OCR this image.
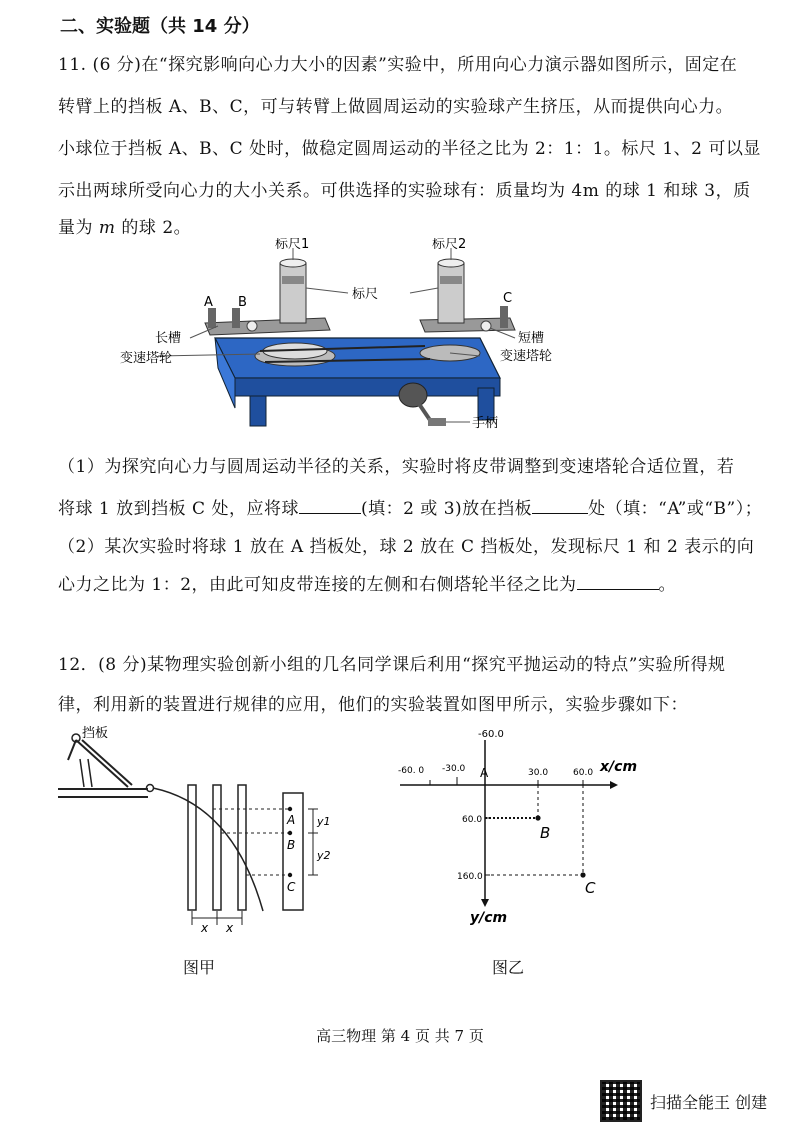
二、实验题（共 14 分）
11. (6 分)在“探究影响向心力大小的因素”实验中，所用向心力演示器如图所示，固定在
转臂上的挡板 A、B、C，可与转臂上做圆周运动的实验球产生挤压，从而提供向心力。
小球位于挡板 A、B、C 处时，做稳定圆周运动的半径之比为 2：1：1。标尺 1、2 可以显
示出两球所受向心力的大小关系。可供选择的实验球有：质量均为 4m 的球 1 和球 3，质
量为 m 的球 2。
标尺1	标尺2
标尺
A B	C
长槽
变速塔轮
短槽
变速塔轮
手柄
（1）为探究向心力与圆周运动半径的关系，实验时将皮带调整到变速塔轮合适位置，若
将球 1 放到挡板 C 处，应将球	(填：2 或 3)放在挡板	处（填：“A”或“B”）；
（2）某次实验时将球 1 放在 A 挡板处，球 2 放在 C 挡板处，发现标尺 1 和 2 表示的向
心力之比为 1：2，由此可知皮带连接的左侧和右侧塔轮半径之比为	。
12．(8 分)某物理实验创新小组的几名同学课后利用“探究平抛运动的特点”实验所得规
律，利用新的装置进行规律的应用，他们的实验装置如图甲所示，实验步骤如下：
挡板
A
B
C
y1
y2
x x
图甲
-60.0
-60. 0 -30.0 A	30.0	60.0 x/cm
60.0
160.0
B
C
y/cm
图乙
高三物理 第 4 页 共 7 页
扫描全能王 创建
